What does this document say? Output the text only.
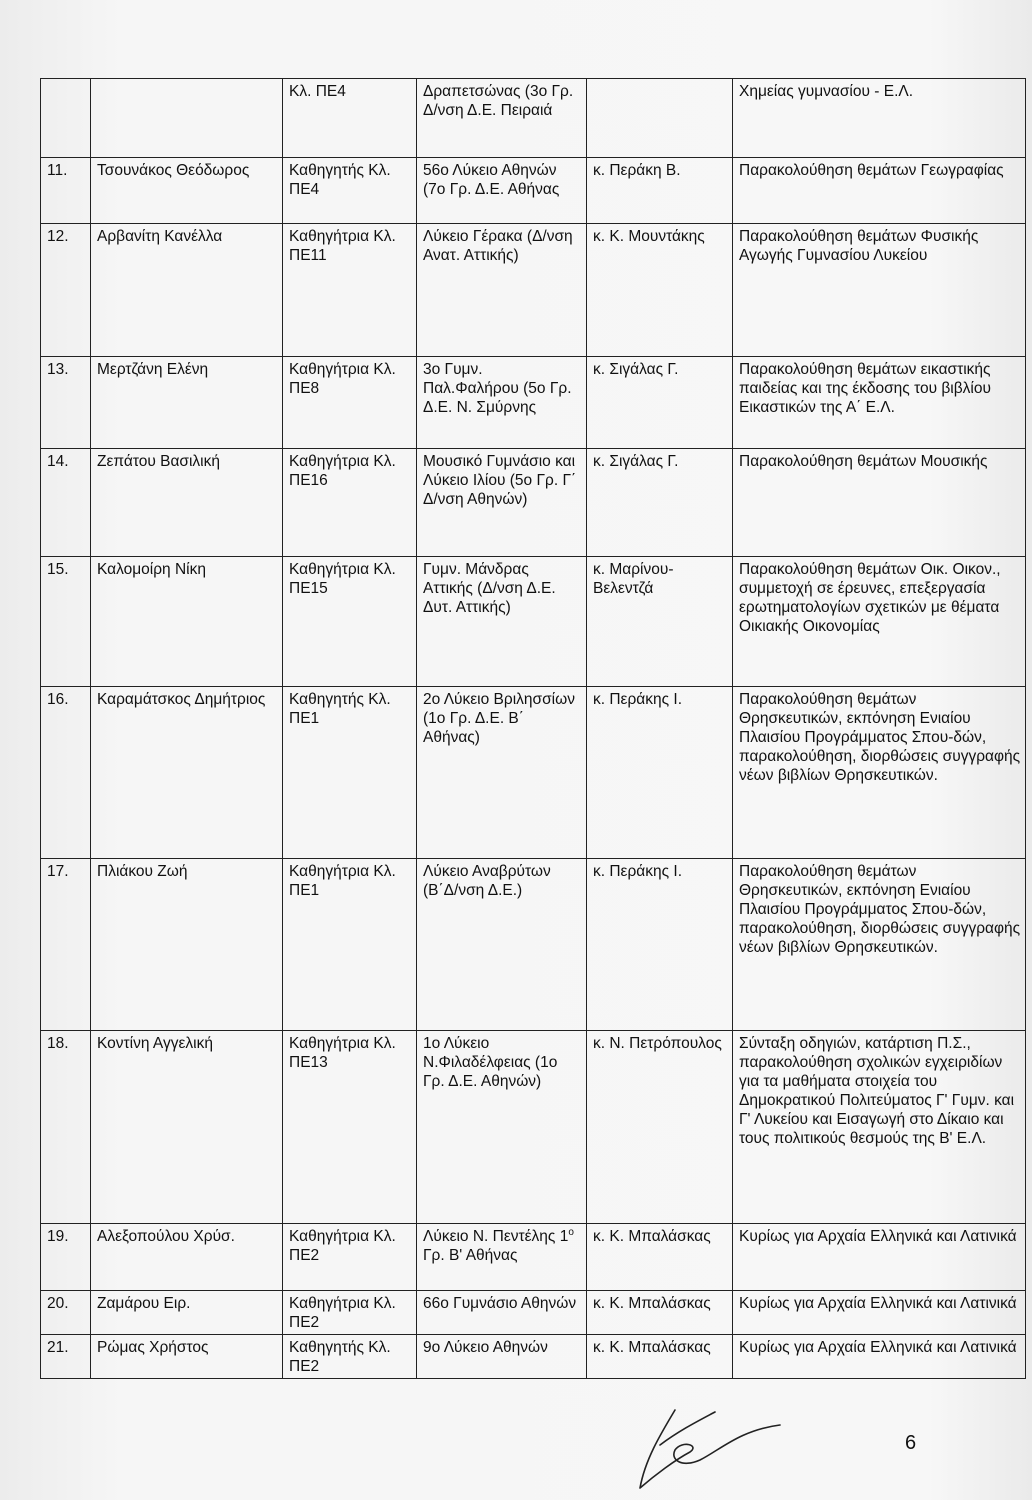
		Κλ. ΠΕ4	Δραπετσώνας (3ο Γρ. Δ/νση Δ.Ε. Πειραιά		Χημείας γυμνασίου - Ε.Λ.
11.	Τσουνάκος Θεόδωρος	Καθηγητής Κλ. ΠΕ4	56ο Λύκειο Αθηνών (7ο Γρ. Δ.Ε. Αθήνας	κ. Περάκη Β.	Παρακολούθηση θεμάτων Γεωγραφίας
12.	Αρβανίτη Κανέλλα	Καθηγήτρια Κλ. ΠΕ11	Λύκειο Γέρακα (Δ/νση Ανατ. Αττικής)	κ. Κ. Μουντάκης	Παρακολούθηση θεμάτων Φυσικής Αγωγής Γυμνασίου Λυκείου
13.	Μερτζάνη Ελένη	Καθηγήτρια Κλ. ΠΕ8	3ο Γυμν. Παλ.Φαλήρου (5ο Γρ. Δ.Ε. Ν. Σμύρνης	κ. Σιγάλας Γ.	Παρακολούθηση θεμάτων εικαστικής παιδείας και της έκδοσης του βιβλίου Εικαστικών της Α΄ Ε.Λ.
14.	Ζεπάτου Βασιλική	Καθηγήτρια Κλ. ΠΕ16	Μουσικό Γυμνάσιο και Λύκειο Ιλίου (5ο Γρ. Γ΄ Δ/νση Αθηνών)	κ. Σιγάλας Γ.	Παρακολούθηση θεμάτων Μουσικής
15.	Καλομοίρη Νίκη	Καθηγήτρια Κλ. ΠΕ15	Γυμν. Μάνδρας Αττικής (Δ/νση Δ.Ε. Δυτ. Αττικής)	κ. Μαρίνου-Βελεντζά	Παρακολούθηση θεμάτων Οικ. Οικον., συμμετοχή σε έρευνες, επεξεργασία ερωτηματολογίων σχετικών με θέματα Οικιακής Οικονομίας
16.	Καραμάτσκος Δημήτριος	Καθηγητής Κλ. ΠΕ1	2ο Λύκειο Βριλησσίων (1ο Γρ. Δ.Ε. Β΄ Αθήνας)	κ. Περάκης Ι.	Παρακολούθηση θεμάτων Θρησκευτικών, εκπόνηση Ενιαίου Πλαισίου Προγράμματος Σπου-δών, παρακολούθηση, διορθώσεις συγγραφής νέων βιβλίων Θρησκευτικών.
17.	Πλιάκου Ζωή	Καθηγήτρια Κλ. ΠΕ1	Λύκειο Αναβρύτων (Β΄Δ/νση Δ.Ε.)	κ. Περάκης Ι.	Παρακολούθηση θεμάτων Θρησκευτικών, εκπόνηση Ενιαίου Πλαισίου Προγράμματος Σπου-δών, παρακολούθηση, διορθώσεις συγγραφής νέων βιβλίων Θρησκευτικών.
18.	Κοντίνη Αγγελική	Καθηγήτρια Κλ. ΠΕ13	1ο Λύκειο Ν.Φιλαδέλφειας (1ο Γρ. Δ.Ε. Αθηνών)	κ. Ν. Πετρόπουλος	Σύνταξη οδηγιών, κατάρτιση Π.Σ., παρακολούθηση σχολικών εγχειριδίων για τα μαθήματα στοιχεία του Δημοκρατικού Πολιτεύματος Γ' Γυμν. και Γ' Λυκείου και Εισαγωγή στο Δίκαιο και τους πολιτικούς θεσμούς της Β' Ε.Λ.
19.	Αλεξοπούλου Χρύσ.	Καθηγήτρια Κλ. ΠΕ2	Λύκειο Ν. Πεντέλης $1^o$ Γρ. Β' Αθήνας	κ. Κ. Μπαλάσκας	Κυρίως για Αρχαία Ελληνικά και Λατινικά
20.	Ζαμάρου Ειρ.	Καθηγήτρια Κλ. ΠΕ2	66ο Γυμνάσιο Αθηνών	κ. Κ. Μπαλάσκας	Κυρίως για Αρχαία Ελληνικά και Λατινικά
21.	Ρώμας Χρήστος	Καθηγητής Κλ. ΠΕ2	9ο Λύκειο Αθηνών	κ. Κ. Μπαλάσκας	Κυρίως για Αρχαία Ελληνικά και Λατινικά
6
